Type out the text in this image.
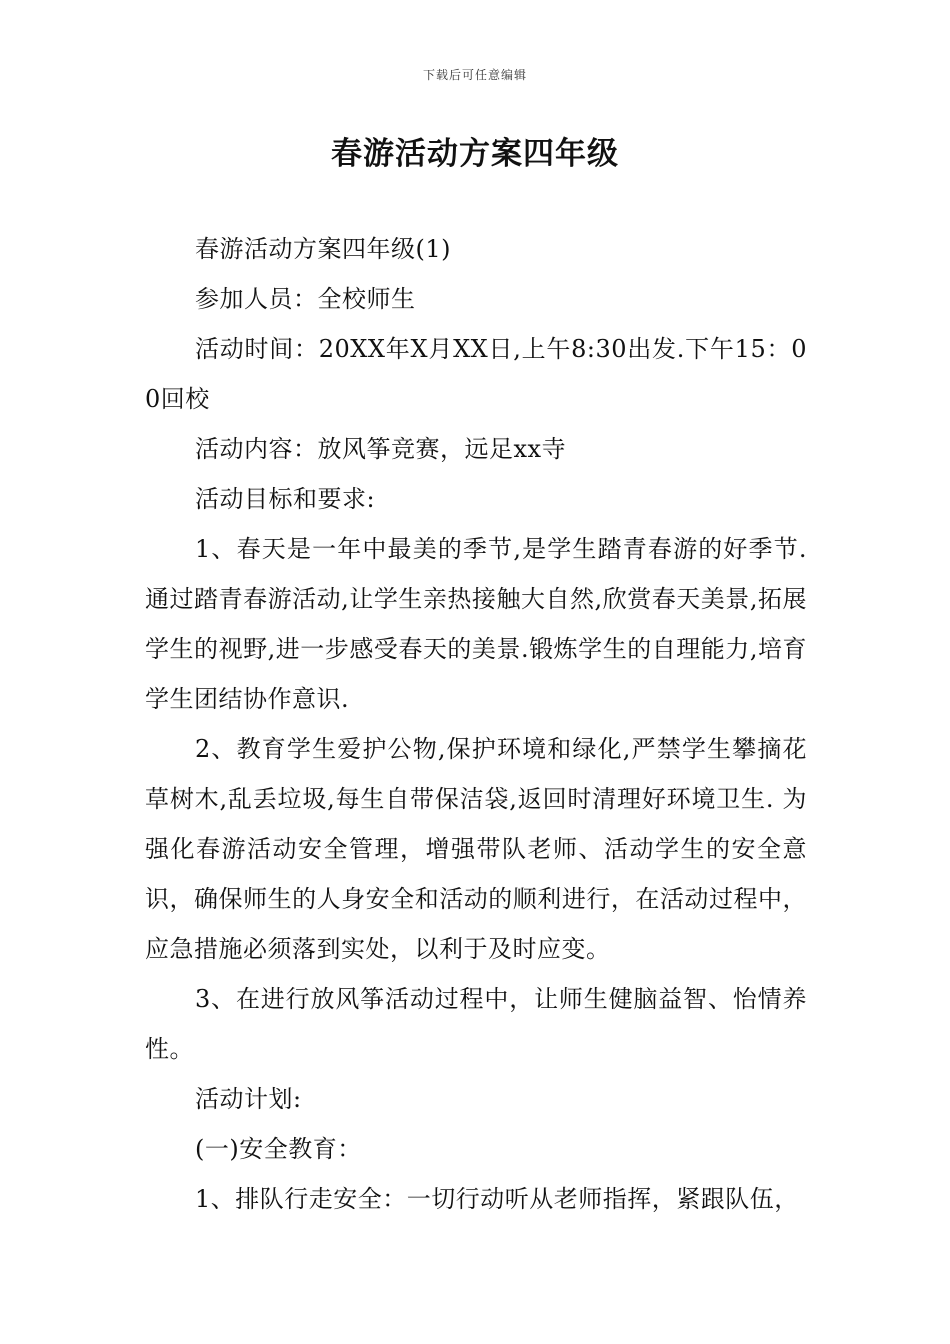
下载后可任意编辑
春游活动方案四年级

春游活动方案四年级(1)

参加人员：全校师生

活动时间：20XX年X月XX日,上午8:30出发.下午15：00回校

活动内容：放风筝竞赛，远足xx寺

活动目标和要求:

1、春天是一年中最美的季节,是学生踏青春游的好季节.通过踏青春游活动,让学生亲热接触大自然,欣赏春天美景,拓展学生的视野,进一步感受春天的美景.锻炼学生的自理能力,培育学生团结协作意识.

2、教育学生爱护公物,保护环境和绿化,严禁学生攀摘花草树木,乱丢垃圾,每生自带保洁袋,返回时清理好环境卫生. 为强化春游活动安全管理，增强带队老师、活动学生的安全意识，确保师生的人身安全和活动的顺利进行，在活动过程中，应急措施必须落到实处，以利于及时应变。

3、在进行放风筝活动过程中，让师生健脑益智、怡情养性。

活动计划:

(一)安全教育：

1、排队行走安全：一切行动听从老师指挥，紧跟队伍，
